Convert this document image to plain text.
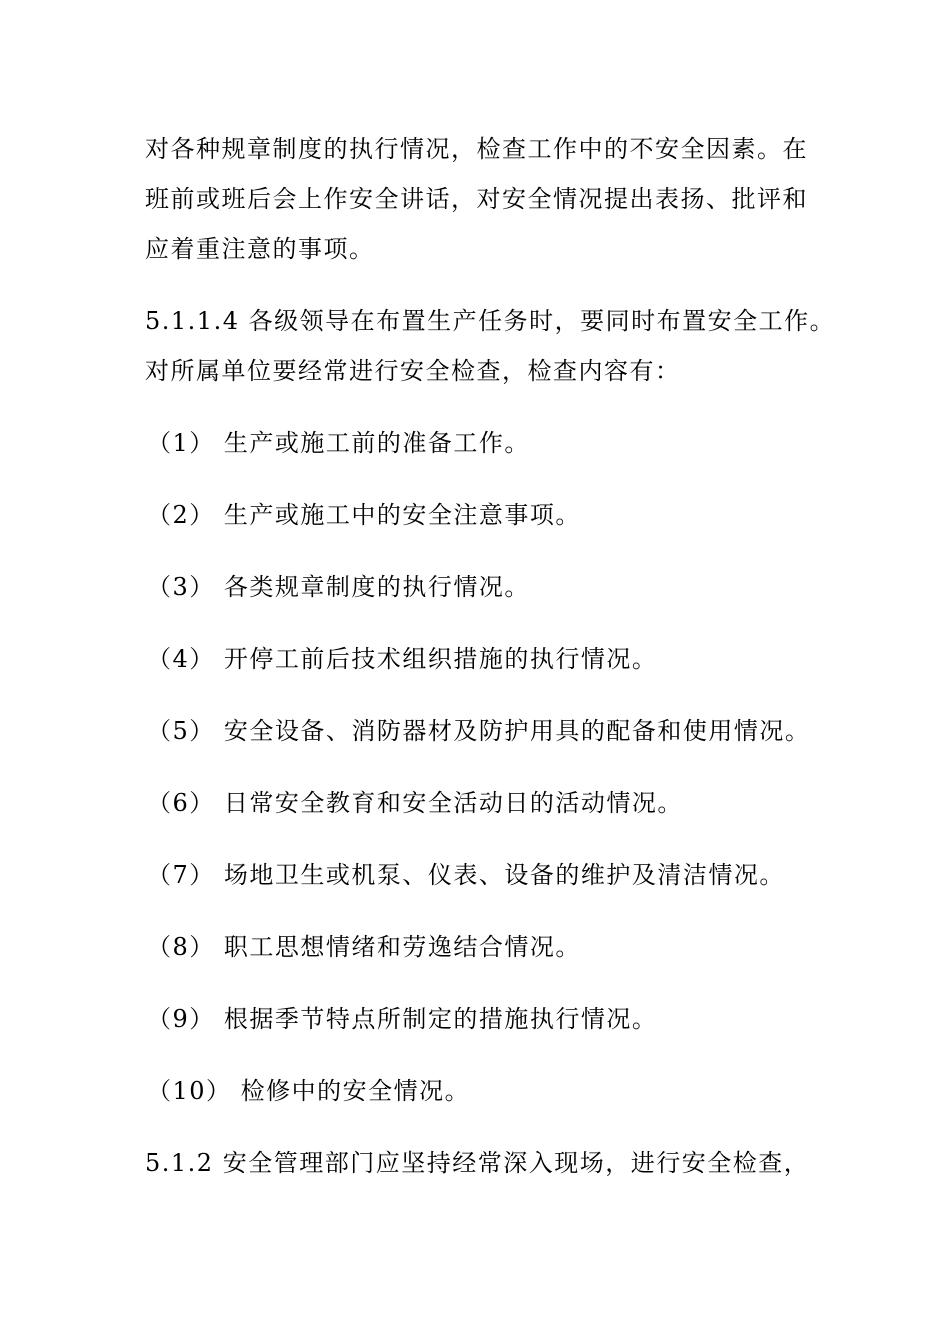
对各种规章制度的执行情况，检查工作中的不安全因素。在
班前或班后会上作安全讲话，对安全情况提出表扬、批评和
应着重注意的事项。
5.1.1.4 各级领导在布置生产任务时，要同时布置安全工作。
对所属单位要经常进行安全检查，检查内容有：
（1） 生产或施工前的准备工作。
（2） 生产或施工中的安全注意事项。
（3） 各类规章制度的执行情况。
（4） 开停工前后技术组织措施的执行情况。
（5） 安全设备、消防器材及防护用具的配备和使用情况。
（6） 日常安全教育和安全活动日的活动情况。
（7） 场地卫生或机泵、仪表、设备的维护及清洁情况。
（8） 职工思想情绪和劳逸结合情况。
（9） 根据季节特点所制定的措施执行情况。
（10） 检修中的安全情况。
5.1.2 安全管理部门应坚持经常深入现场，进行安全检查，
